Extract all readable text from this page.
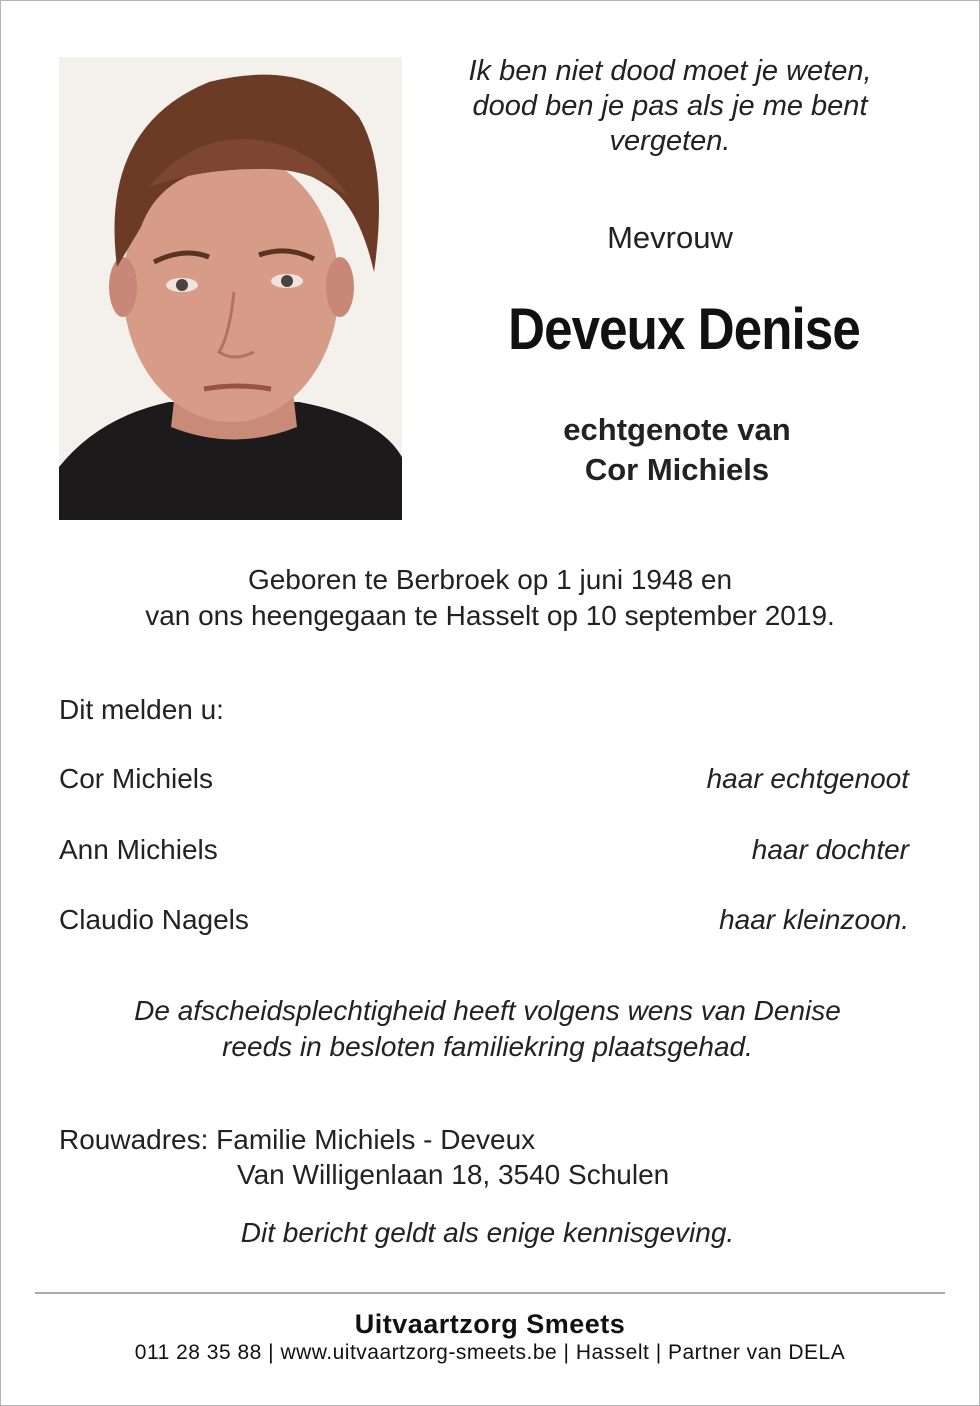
Ik ben niet dood moet je weten,
dood ben je pas als je me bent
vergeten.
Mevrouw
Deveux Denise
echtgenote van
Cor Michiels
Geboren te Berbroek op 1 juni 1948 en
van ons heengegaan te Hasselt op 10 september 2019.
Dit melden u:
Cor Michiels	haar echtgenoot
Ann Michiels	haar dochter
Claudio Nagels	haar kleinzoon.
De afscheidsplechtigheid heeft volgens wens van Denise
reeds in besloten familiekring plaatsgehad.
Rouwadres: Familie Michiels - Deveux
Van Willigenlaan 18, 3540 Schulen
Dit bericht geldt als enige kennisgeving.
Uitvaartzorg Smeets
011 28 35 88 | www.uitvaartzorg-smeets.be | Hasselt | Partner van DELA
